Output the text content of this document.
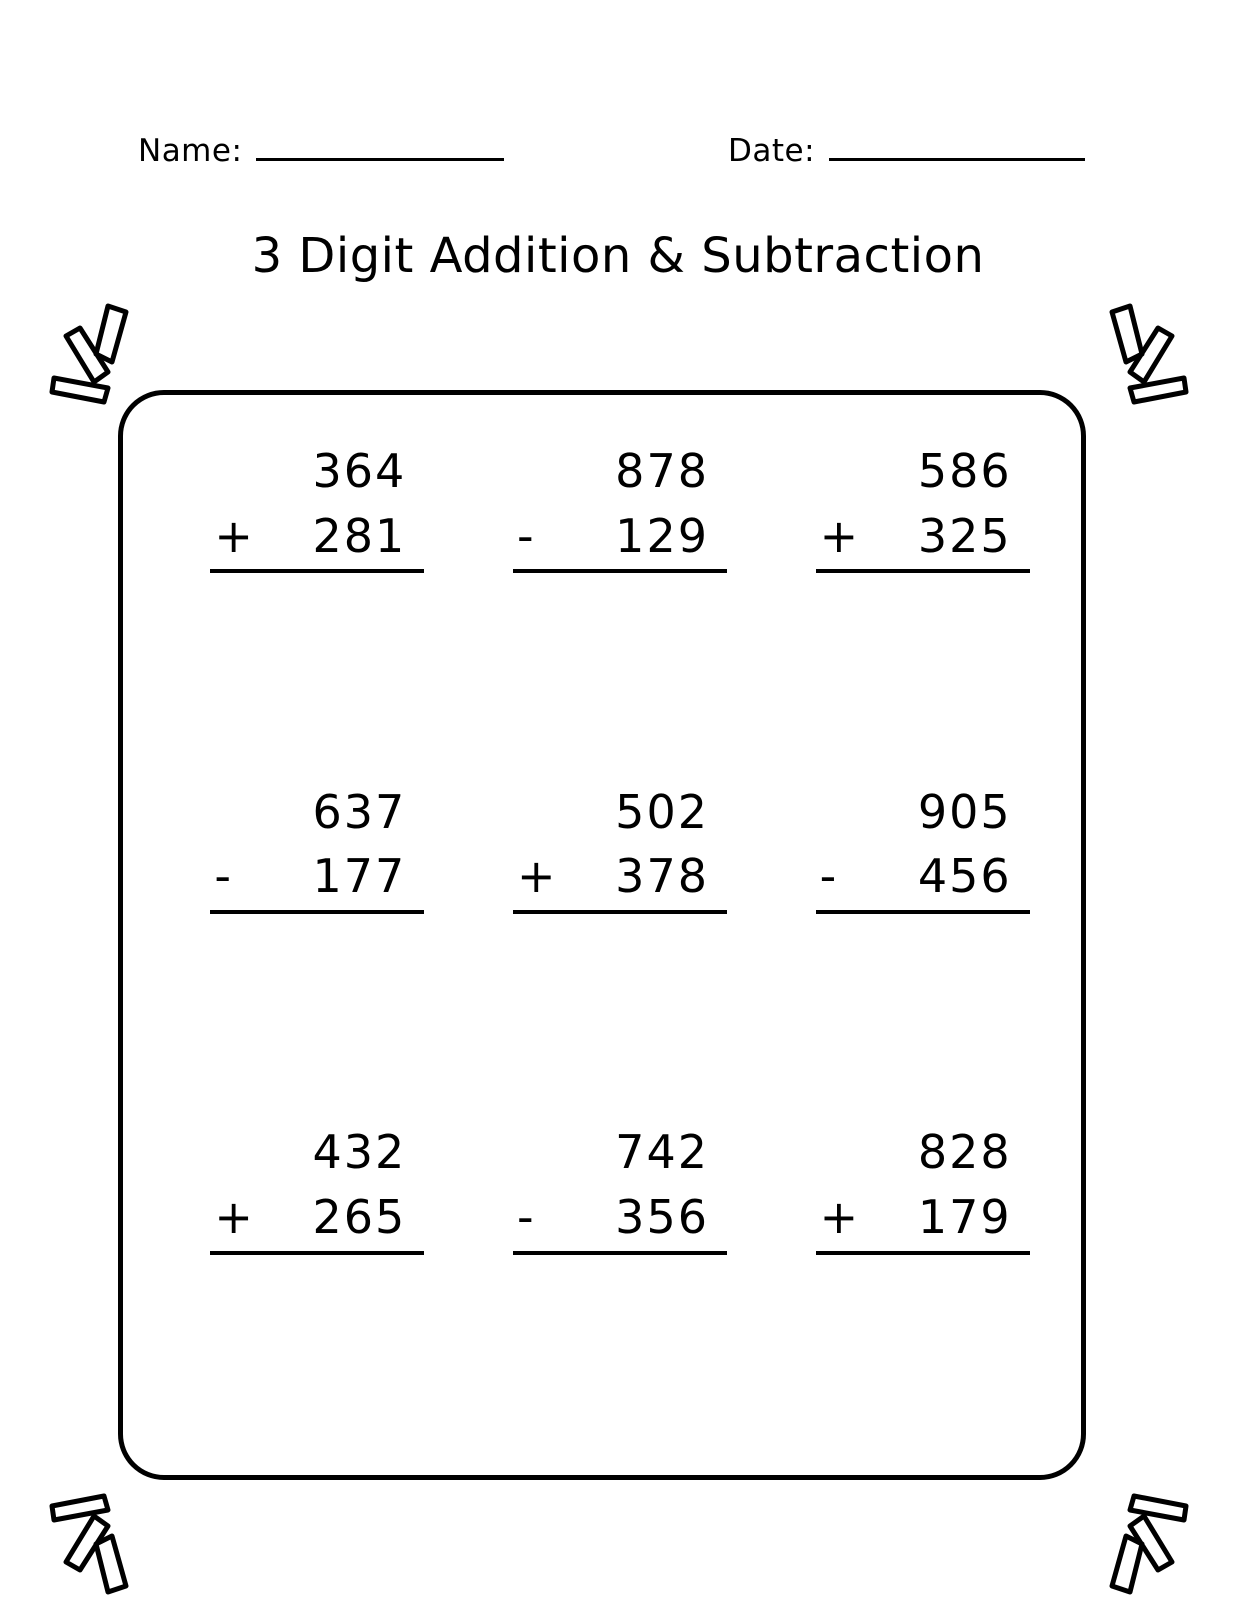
Name:	Date:
3 Digit Addition & Subtraction
364
+ 281
878
- 129
586
+ 325
637
- 177
502
+ 378
905
- 456
432
+ 265
742
- 356
828
+ 179
